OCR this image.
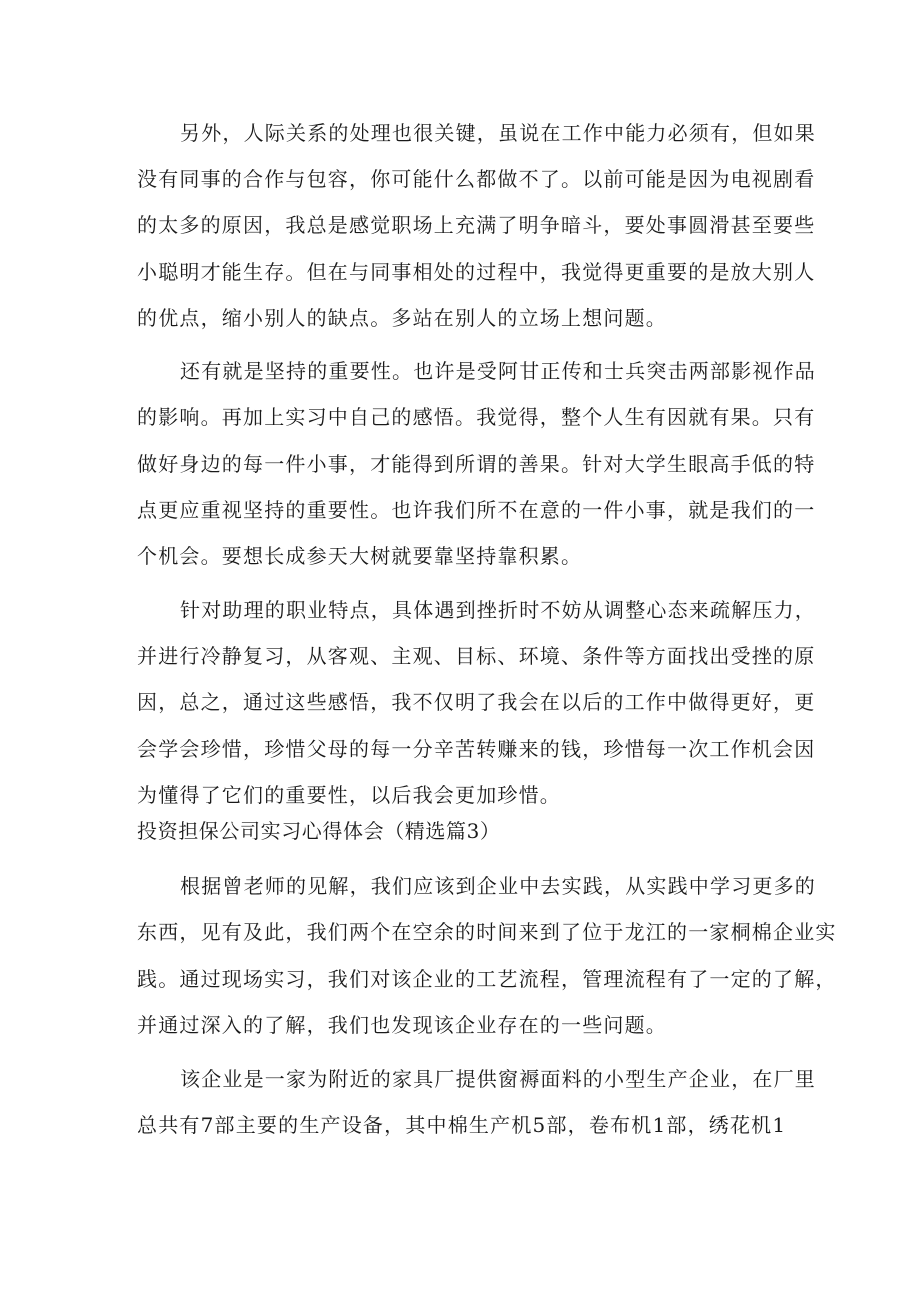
另外，人际关系的处理也很关键，虽说在工作中能力必须有，但如果
没有同事的合作与包容，你可能什么都做不了。以前可能是因为电视剧看
的太多的原因，我总是感觉职场上充满了明争暗斗，要处事圆滑甚至要些
小聪明才能生存。但在与同事相处的过程中，我觉得更重要的是放大别人
的优点，缩小别人的缺点。多站在别人的立场上想问题。
还有就是坚持的重要性。也许是受阿甘正传和士兵突击两部影视作品
的影响。再加上实习中自己的感悟。我觉得，整个人生有因就有果。只有
做好身边的每一件小事，才能得到所谓的善果。针对大学生眼高手低的特
点更应重视坚持的重要性。也许我们所不在意的一件小事，就是我们的一
个机会。要想长成参天大树就要靠坚持靠积累。
针对助理的职业特点，具体遇到挫折时不妨从调整心态来疏解压力，
并进行冷静复习，从客观、主观、目标、环境、条件等方面找出受挫的原
因，总之，通过这些感悟，我不仅明了我会在以后的工作中做得更好，更
会学会珍惜，珍惜父母的每一分辛苦转赚来的钱，珍惜每一次工作机会因
为懂得了它们的重要性，以后我会更加珍惜。
投资担保公司实习心得体会（精选篇3）
根据曾老师的见解，我们应该到企业中去实践，从实践中学习更多的
东西，见有及此，我们两个在空余的时间来到了位于龙江的一家桐棉企业实
践。通过现场实习，我们对该企业的工艺流程，管理流程有了一定的了解，
并通过深入的了解，我们也发现该企业存在的一些问题。
该企业是一家为附近的家具厂提供窗褥面料的小型生产企业，在厂里
总共有7部主要的生产设备，其中棉生产机5部，卷布机1部，绣花机1
